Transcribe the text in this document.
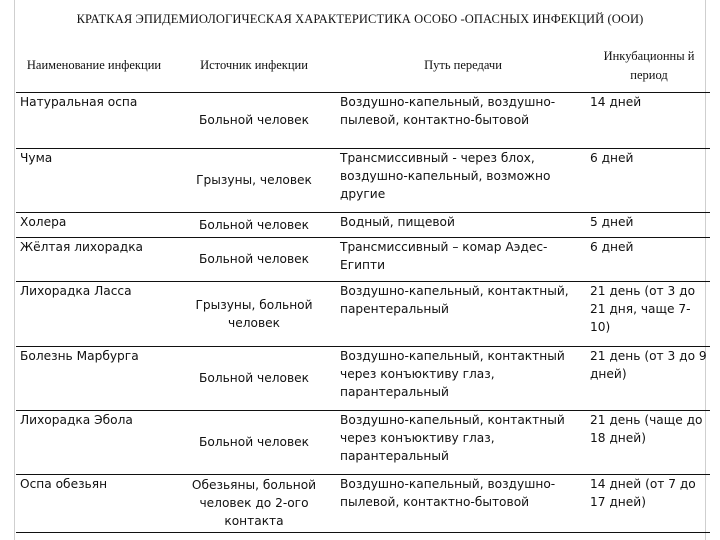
КРАТКАЯ ЭПИДЕМИОЛОГИЧЕСКАЯ ХАРАКТЕРИСТИКА ОСОБО -ОПАСНЫХ ИНФЕКЦИЙ (ООИ)
Наименование инфекции	Источник инфекции	Путь передачи	Инкубационны й период
Натуральная оспа	Больной человек	Воздушно-капельный, воздушно-пылевой, контактно-бытовой	14 дней
Чума	Грызуны, человек	Трансмиссивный - через блох, воздушно-капельный, возможно другие	6 дней
Холера	Больной человек	Водный, пищевой	5 дней
Жёлтая лихорадка	Больной человек	Трансмиссивный – комар Аэдес-Египти	6 дней
Лихорадка Ласса	Грызуны, больной человек	Воздушно-капельный, контактный, парентеральный	21 день (от 3 до 21 дня, чаще 7-10)
Болезнь Марбурга	Больной человек	Воздушно-капельный, контактный через конъюктиву глаз, парантеральный	21 день (от 3 до 9 дней)
Лихорадка Эбола	Больной человек	Воздушно-капельный, контактный через конъюктиву глаз, парантеральный	21 день (чаще до 18 дней)
Оспа обезьян	Обезьяны, больной человек до 2-ого контакта	Воздушно-капельный, воздушно-пылевой, контактно-бытовой	14 дней (от 7 до 17 дней)
